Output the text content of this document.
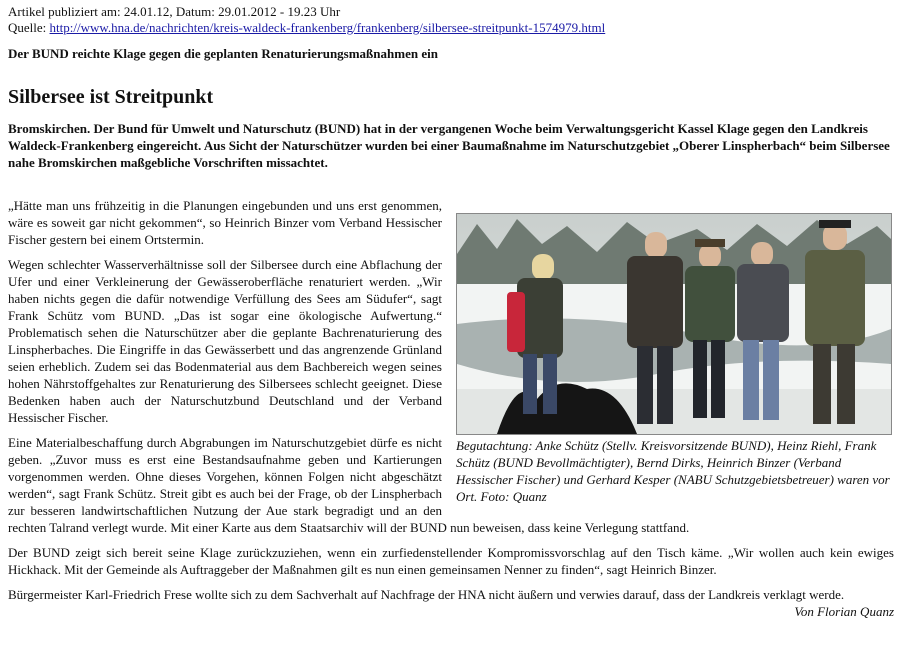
Artikel publiziert am: 24.01.12, Datum: 29.01.2012 - 19.23 Uhr
Quelle: http://www.hna.de/nachrichten/kreis-waldeck-frankenberg/frankenberg/silbersee-streitpunkt-1574979.html
Der BUND reichte Klage gegen die geplanten Renaturierungsmaßnahmen ein
Silbersee ist Streitpunkt

Bromskirchen. Der Bund für Umwelt und Naturschutz (BUND) hat in der vergangenen Woche beim Verwaltungsgericht Kassel Klage gegen den Landkreis Waldeck-Frankenberg eingereicht. Aus Sicht der Naturschützer wurden bei einer Baumaßnahme im Naturschutzgebiet „Oberer Linspherbach“ beim Silbersee nahe Bromskirchen maßgebliche Vorschriften missachtet.

Begutachtung: Anke Schütz (Stellv. Kreisvorsitzende BUND), Heinz Riehl, Frank Schütz (BUND Bevollmächtigter), Bernd Dirks, Heinrich Binzer (Verband Hessischer Fischer) und Gerhard Kesper (NABU Schutzgebietsbetreuer) waren vor Ort. Foto: Quanz

„Hätte man uns frühzeitig in die Planungen eingebunden und uns erst genommen, wäre es soweit gar nicht gekommen“, so Heinrich Binzer vom Verband Hessischer Fischer gestern bei einem Ortstermin.

Wegen schlechter Wasserverhältnisse soll der Silbersee durch eine Abflachung der Ufer und einer Verkleinerung der Gewässeroberfläche renaturiert werden. „Wir haben nichts gegen die dafür notwendige Verfüllung des Sees am Südufer“, sagt Frank Schütz vom BUND. „Das ist sogar eine ökologische Aufwertung.“ Problematisch sehen die Naturschützer aber die geplante Bachrenaturierung des Linspherbaches. Die Eingriffe in das Gewässerbett und das angrenzende Grünland seien erheblich. Zudem sei das Bodenmaterial aus dem Bachbereich wegen seines hohen Nährstoffgehaltes zur Renaturierung des Silbersees schlecht geeignet. Diese Bedenken haben auch der Naturschutzbund Deutschland und der Verband Hessischer Fischer.

Eine Materialbeschaffung durch Abgrabungen im Naturschutzgebiet dürfe es nicht geben. „Zuvor muss es erst eine Bestandsaufnahme geben und Kartierungen vorgenommen werden. Ohne dieses Vorgehen, können Folgen nicht abgeschätzt werden“, sagt Frank Schütz. Streit gibt es auch bei der Frage, ob der Linspherbach zur besseren landwirtschaftlichen Nutzung der Aue stark begradigt und an den rechten Talrand verlegt wurde. Mit einer Karte aus dem Staatsarchiv will der BUND nun beweisen, dass keine Verlegung stattfand.

Der BUND zeigt sich bereit seine Klage zurückzuziehen, wenn ein zurfiedenstellender Kompromissvorschlag auf den Tisch käme. „Wir wollen auch kein ewiges Hickhack. Mit der Gemeinde als Auftraggeber der Maßnahmen gilt es nun einen gemeinsamen Nenner zu finden“, sagt Heinrich Binzer.

Bürgermeister Karl-Friedrich Frese wollte sich zu dem Sachverhalt auf Nachfrage der HNA nicht äußern und verwies darauf, dass der Landkreis verklagt werde.
Von Florian Quanz
